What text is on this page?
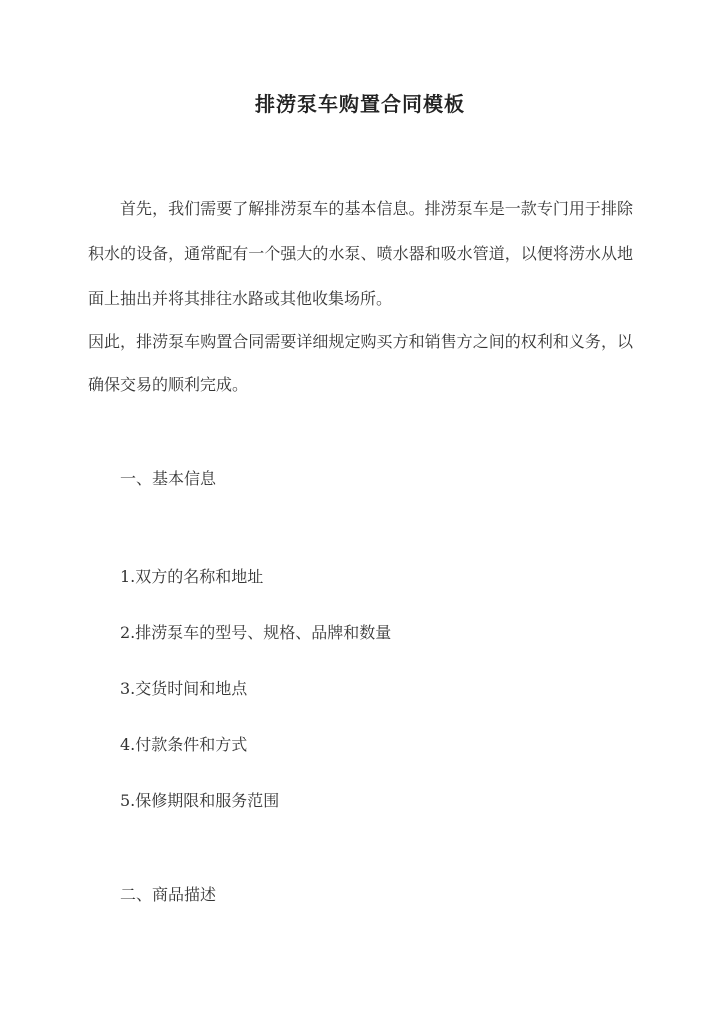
排涝泵车购置合同模板
首先，我们需要了解排涝泵车的基本信息。排涝泵车是一款专门用于排除积水的设备，通常配有一个强大的水泵、喷水器和吸水管道，以便将涝水从地面上抽出并将其排往水路或其他收集场所。
因此，排涝泵车购置合同需要详细规定购买方和销售方之间的权利和义务，以确保交易的顺利完成。
一、基本信息
1.双方的名称和地址
2.排涝泵车的型号、规格、品牌和数量
3.交货时间和地点
4.付款条件和方式
5.保修期限和服务范围
二、商品描述
